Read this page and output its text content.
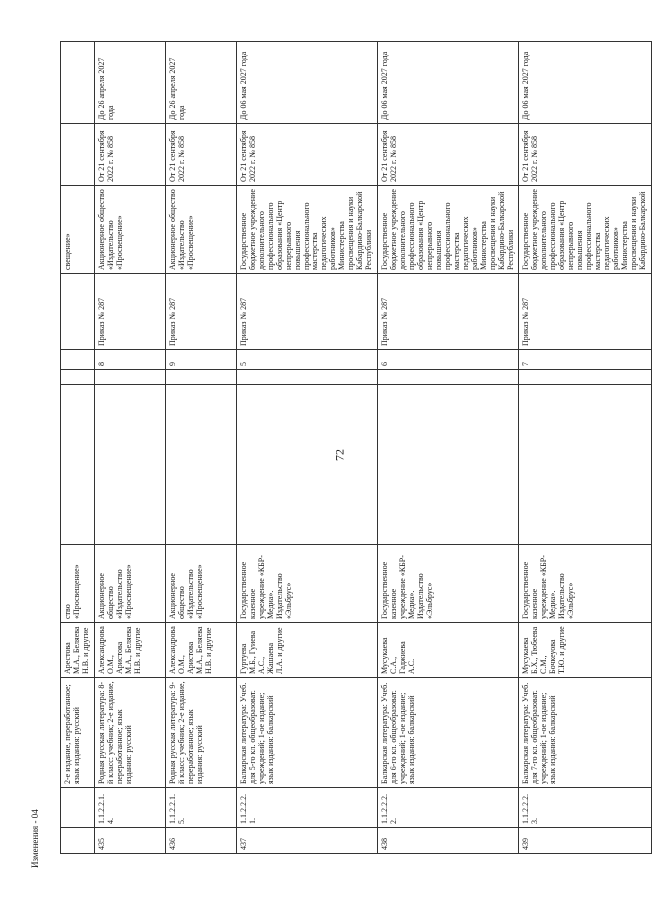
72
		2-е издание, переработанное; язык издания: русский	Арестова М.А., Беляева Н.В. и другие	ство «Просвещение»					свещение»		
435	1.1.2.2.1.4.	Родная русская литература: 8-й класс: учебник; 2-е издание, переработанное; язык издания: русский	Александрова О.М., Аристова М.А., Беляева Н.В. и другие	Акционерное общество «Издательство «Просвещение»			8	Приказ № 287	Акционерное общество «Издательство «Просвещение»	От 21 сентября 2022 г. № 858	До 26 апреля 2027 года
436	1.1.2.2.1.5.	Родная русская литература: 9-й класс: учебник; 2-е издание, переработанное; язык издания: русский	Александрова О.М., Аристова М.А., Беляева Н.В. и другие	Акционерное общество «Издательство «Просвещение»			9	Приказ № 287	Акционерное общество «Издательство «Просвещение»	От 21 сентября 2022 г. № 858	До 26 апреля 2027 года
437	1.1.2.2.2.1.	Балкарская литература: Учеб. для 5-го кл. общеобразоват. учреждений; 1-ое издание; язык издания: балкарский	Гуртуева М.Б., Гуиева А.С., Жашаева Л.А. и другие	Государственное казенное учреждение «КБР-Медиа». Издательство «Эльбрус»			5	Приказ № 287	Государственное бюджетное учреждение дополнительного профессионального образования «Центр непрерывного повышения профессионального мастерства педагогических работников» Министерства просвещения и науки Кабардино-Балкарской Республики	От 21 сентября 2022 г. № 858	До 06 мая 2027 года
438	1.1.2.2.2.2.	Балкарская литература: Учеб. для 6-го кл. общеобразоват. учреждений; 1-ое издание; язык издания: балкарский	Мусукаева С.А., Гаджиева А.С.	Государственное казенное учреждение «КБР-Медиа». Издательство «Эльбрус»			6	Приказ № 287	Государственное бюджетное учреждение дополнительного профессионального образования «Центр непрерывного повышения профессионального мастерства педагогических работников» Министерства просвещения и науки Кабардино-Балкарской Республики	От 21 сентября 2022 г. № 858	До 06 мая 2027 года
439	1.1.2.2.2.3.	Балкарская литература: Учеб. для 7-го кл. общеобразоват. учреждений; 1-ое издание; язык издания: балкарский	Мусукаева Б.Х., Тюбеева С.М., Бочкеуова Т.Ю. и другие	Государственное казенное учреждение «КБР-Медиа». Издательство «Эльбрус»			7	Приказ № 287	Государственное бюджетное учреждение дополнительного профессионального образования «Центр непрерывного повышения профессионального мастерства педагогических работников» Министерства просвещения и науки Кабардино-Балкарской	От 21 сентября 2022 г. № 858	До 06 мая 2027 года
Изменения - 04
